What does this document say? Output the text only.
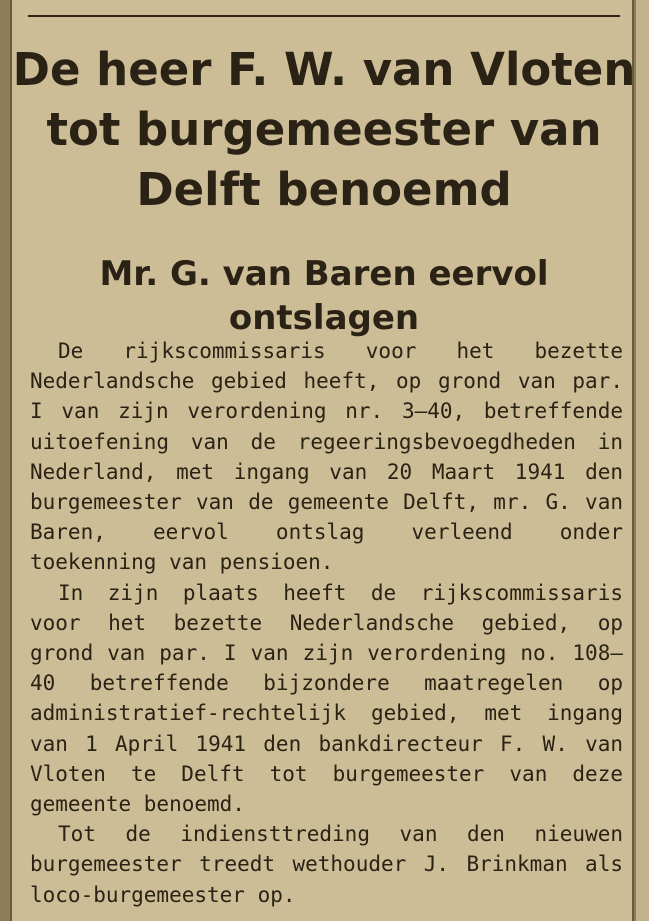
De heer F. W. van Vloten tot burgemeester van Delft benoemd
Mr. G. van Baren eervol ontslagen

De rijkscommissaris voor het bezette Nederlandsche gebied heeft, op grond van par. I van zijn verordening nr. 3—40, betreffende uitoefening van de regeeringsbevoegdheden in Nederland, met ingang van 20 Maart 1941 den burgemeester van de gemeente Delft, mr. G. van Baren, eervol ontslag verleend onder toekenning van pensioen.

In zijn plaats heeft de rijkscommissaris voor het bezette Nederlandsche gebied, op grond van par. I van zijn verordening no. 108—40 betreffende bijzondere maatregelen op administratief-rechtelijk gebied, met ingang van 1 April 1941 den bankdirecteur F. W. van Vloten te Delft tot burgemeester van deze gemeente benoemd.

Tot de indiensttreding van den nieuwen burgemeester treedt wethouder J. Brinkman als loco-burgemeester op.
